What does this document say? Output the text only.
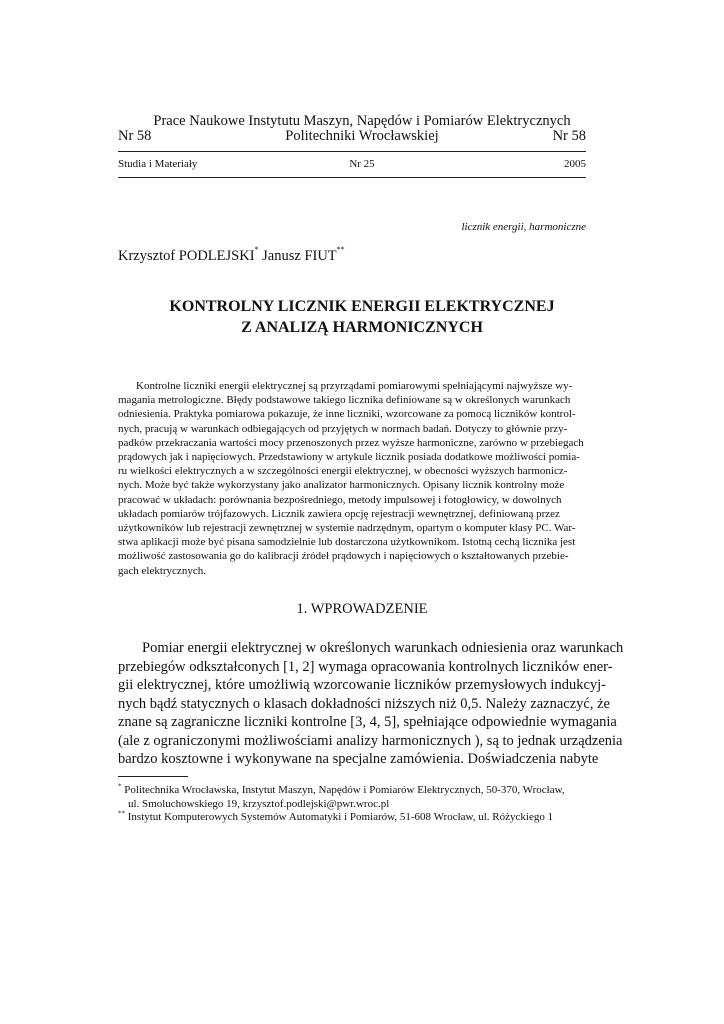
Prace Naukowe Instytutu Maszyn, Napędów i Pomiarów Elektrycznych
Nr 58	Politechniki Wrocławskiej	Nr 58
Studia i Materiały	Nr 25	2005
licznik energii, harmoniczne
Krzysztof PODLEJSKI* Janusz FIUT**
KONTROLNY LICZNIK ENERGII ELEKTRYCZNEJ
Z ANALIZĄ HARMONICZNYCH
Kontrolne liczniki energii elektrycznej są przyrządami pomiarowymi spełniającymi najwyższe wy-
magania metrologiczne. Błędy podstawowe takiego licznika definiowane są w określonych warunkach
odniesienia. Praktyka pomiarowa pokazuje, że inne liczniki, wzorcowane za pomocą liczników kontrol-
nych, pracują w warunkach odbiegających od przyjętych w normach badań. Dotyczy to głównie przy-
padków przekraczania wartości mocy przenoszonych przez wyższe harmoniczne, zarówno w przebiegach
prądowych jak i napięciowych. Przedstawiony w artykule licznik posiada dodatkowe możliwości pomia-
ru wielkości elektrycznych a w szczególności energii elektrycznej, w obecności wyższych harmonicz-
nych. Może być także wykorzystany jako analizator harmonicznych. Opisany licznik kontrolny może
pracować w układach: porównania bezpośredniego, metody impulsowej i fotogłowicy, w dowolnych
układach pomiarów trójfazowych. Licznik zawiera opcję rejestracji wewnętrznej, definiowaną przez
użytkowników lub rejestracji zewnętrznej w systemie nadrzędnym, opartym o komputer klasy PC. War-
stwa aplikacji może być pisana samodzielnie lub dostarczona użytkownikom. Istotną cechą licznika jest
możliwość zastosowania go do kalibracji źródeł prądowych i napięciowych o kształtowanych przebie-
gach elektrycznych.
1. WPROWADZENIE
Pomiar energii elektrycznej w określonych warunkach odniesienia oraz warunkach
przebiegów odkształconych [1, 2] wymaga opracowania kontrolnych liczników ener-
gii elektrycznej, które umożliwią wzorcowanie liczników przemysłowych indukcyj-
nych bądź statycznych o klasach dokładności niższych niż 0,5. Należy zaznaczyć, że
znane są zagraniczne liczniki kontrolne [3, 4, 5], spełniające odpowiednie wymagania
(ale z ograniczonymi możliwościami analizy harmonicznych ), są to jednak urządzenia
bardzo kosztowne i wykonywane na specjalne zamówienia. Doświadczenia nabyte
* Politechnika Wrocławska, Instytut Maszyn, Napędów i Pomiarów Elektrycznych, 50-370, Wrocław,
ul. Smoluchowskiego 19, krzysztof.podlejski@pwr.wroc.pl
** Instytut Komputerowych Systemów Automatyki i Pomiarów, 51-608 Wrocław, ul. Różyckiego 1
